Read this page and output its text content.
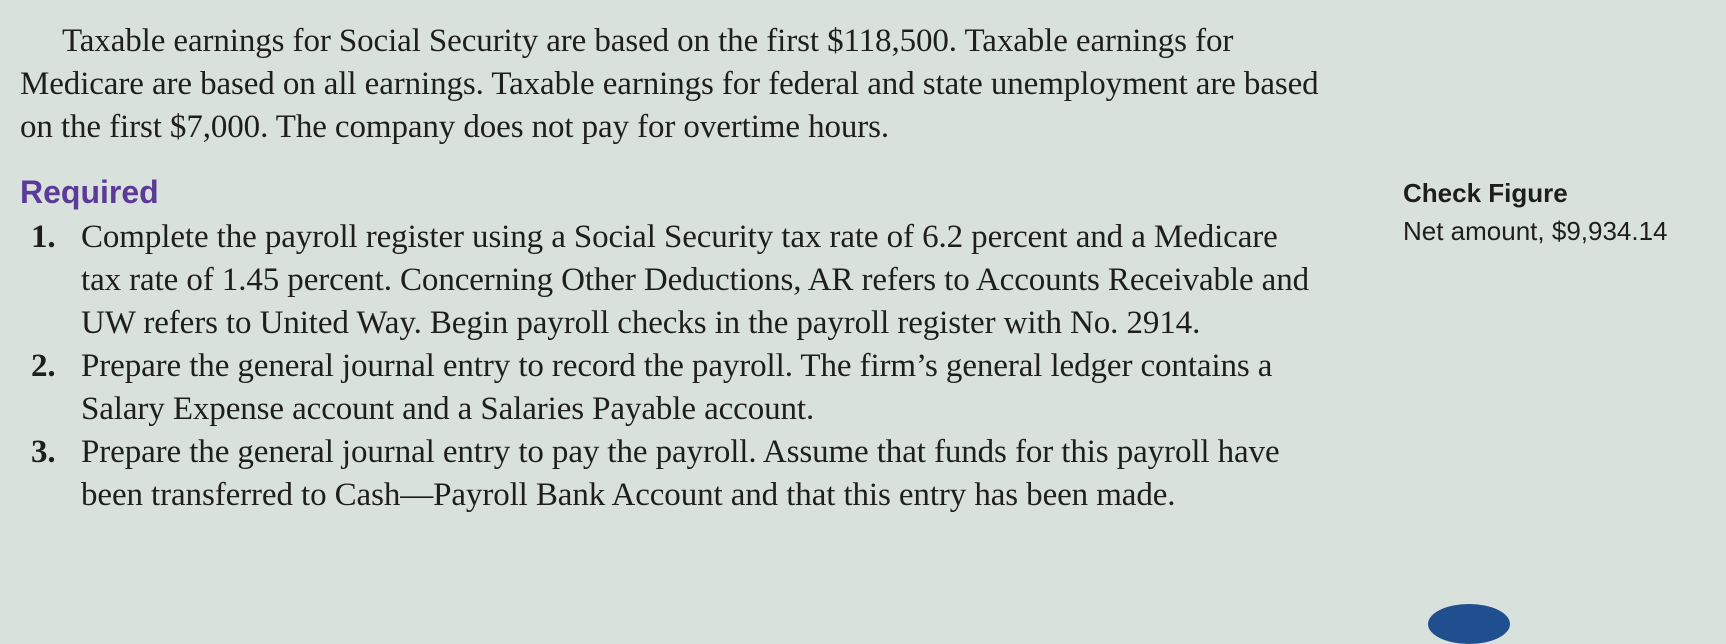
Taxable earnings for Social Security are based on the first $118,500. Taxable earnings for Medicare are based on all earnings. Taxable earnings for federal and state unemployment are based on the first $7,000. The company does not pay for overtime hours.

Required
1. Complete the payroll register using a Social Security tax rate of 6.2 percent and a Medicare tax rate of 1.45 percent. Concerning Other Deductions, AR refers to Accounts Receivable and UW refers to United Way. Begin payroll checks in the payroll register with No. 2914.
2. Prepare the general journal entry to record the payroll. The firm’s general ledger contains a Salary Expense account and a Salaries Payable account.
3. Prepare the general journal entry to pay the payroll. Assume that funds for this payroll have been transferred to Cash—Payroll Bank Account and that this entry has been made.
Check Figure
Net amount, $9,934.14
